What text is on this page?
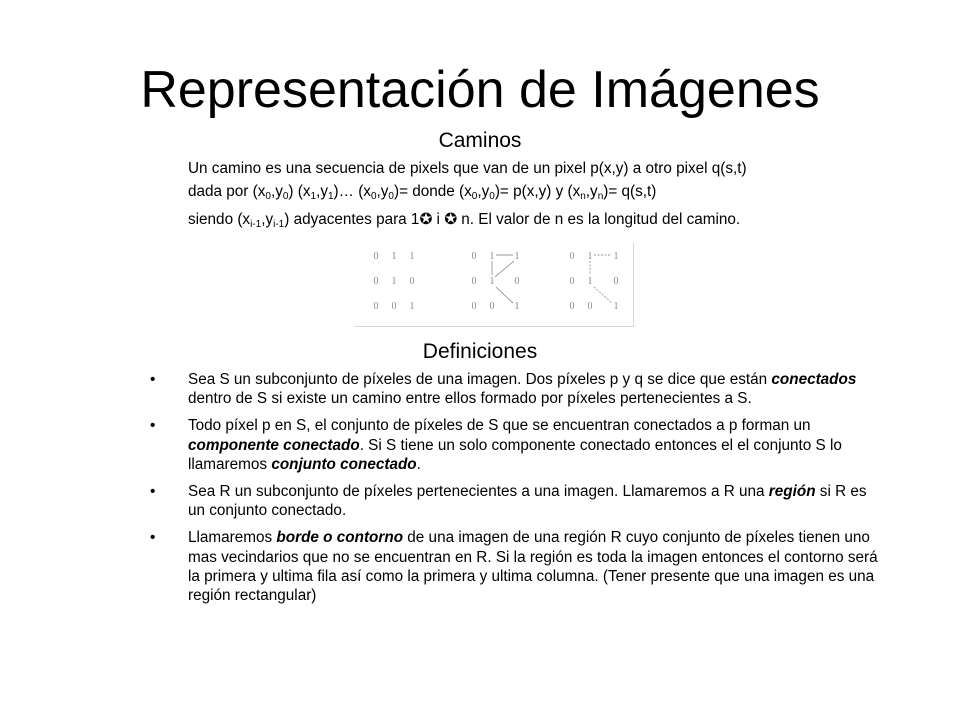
Representación de Imágenes
Caminos
Un camino es una secuencia de pixels que van de un pixel p(x,y) a otro pixel q(s,t)
dada por $(x_0,y_0)$ $(x_1,y_1)\dots$ $(x_0,y_0)=$ donde $(x_0,y_0)= p(x,y)$ y $(x_n,y_n)= q(s,t)$
siendo $(x_{i-1},y_{i-1})$ adyacentes para 1✪ i ✪ n. El valor de n es la longitud del camino.
0 1 1
0 1 0
0 0 1
0 1 1
0 1 0
0 0 1
0 1 1
0 1 0
0 0 1
Definiciones
• Sea S un subconjunto de píxeles de una imagen. Dos píxeles p y q se dice que están conectados dentro de S si existe un camino entre ellos formado por píxeles pertenecientes a S.
• Todo píxel p en S, el conjunto de píxeles de S que se encuentran conectados a p forman un componente conectado. Si S tiene un solo componente conectado entonces el el conjunto S lo llamaremos conjunto conectado.
• Sea R un subconjunto de píxeles pertenecientes a una imagen. Llamaremos a R una región si R es un conjunto conectado.
• Llamaremos borde o contorno de una imagen de una región R cuyo conjunto de píxeles tienen uno mas vecindarios que no se encuentran en R. Si la región es toda la imagen entonces el contorno será la primera y ultima fila así como la primera y ultima columna. (Tener presente que una imagen es una región rectangular)
